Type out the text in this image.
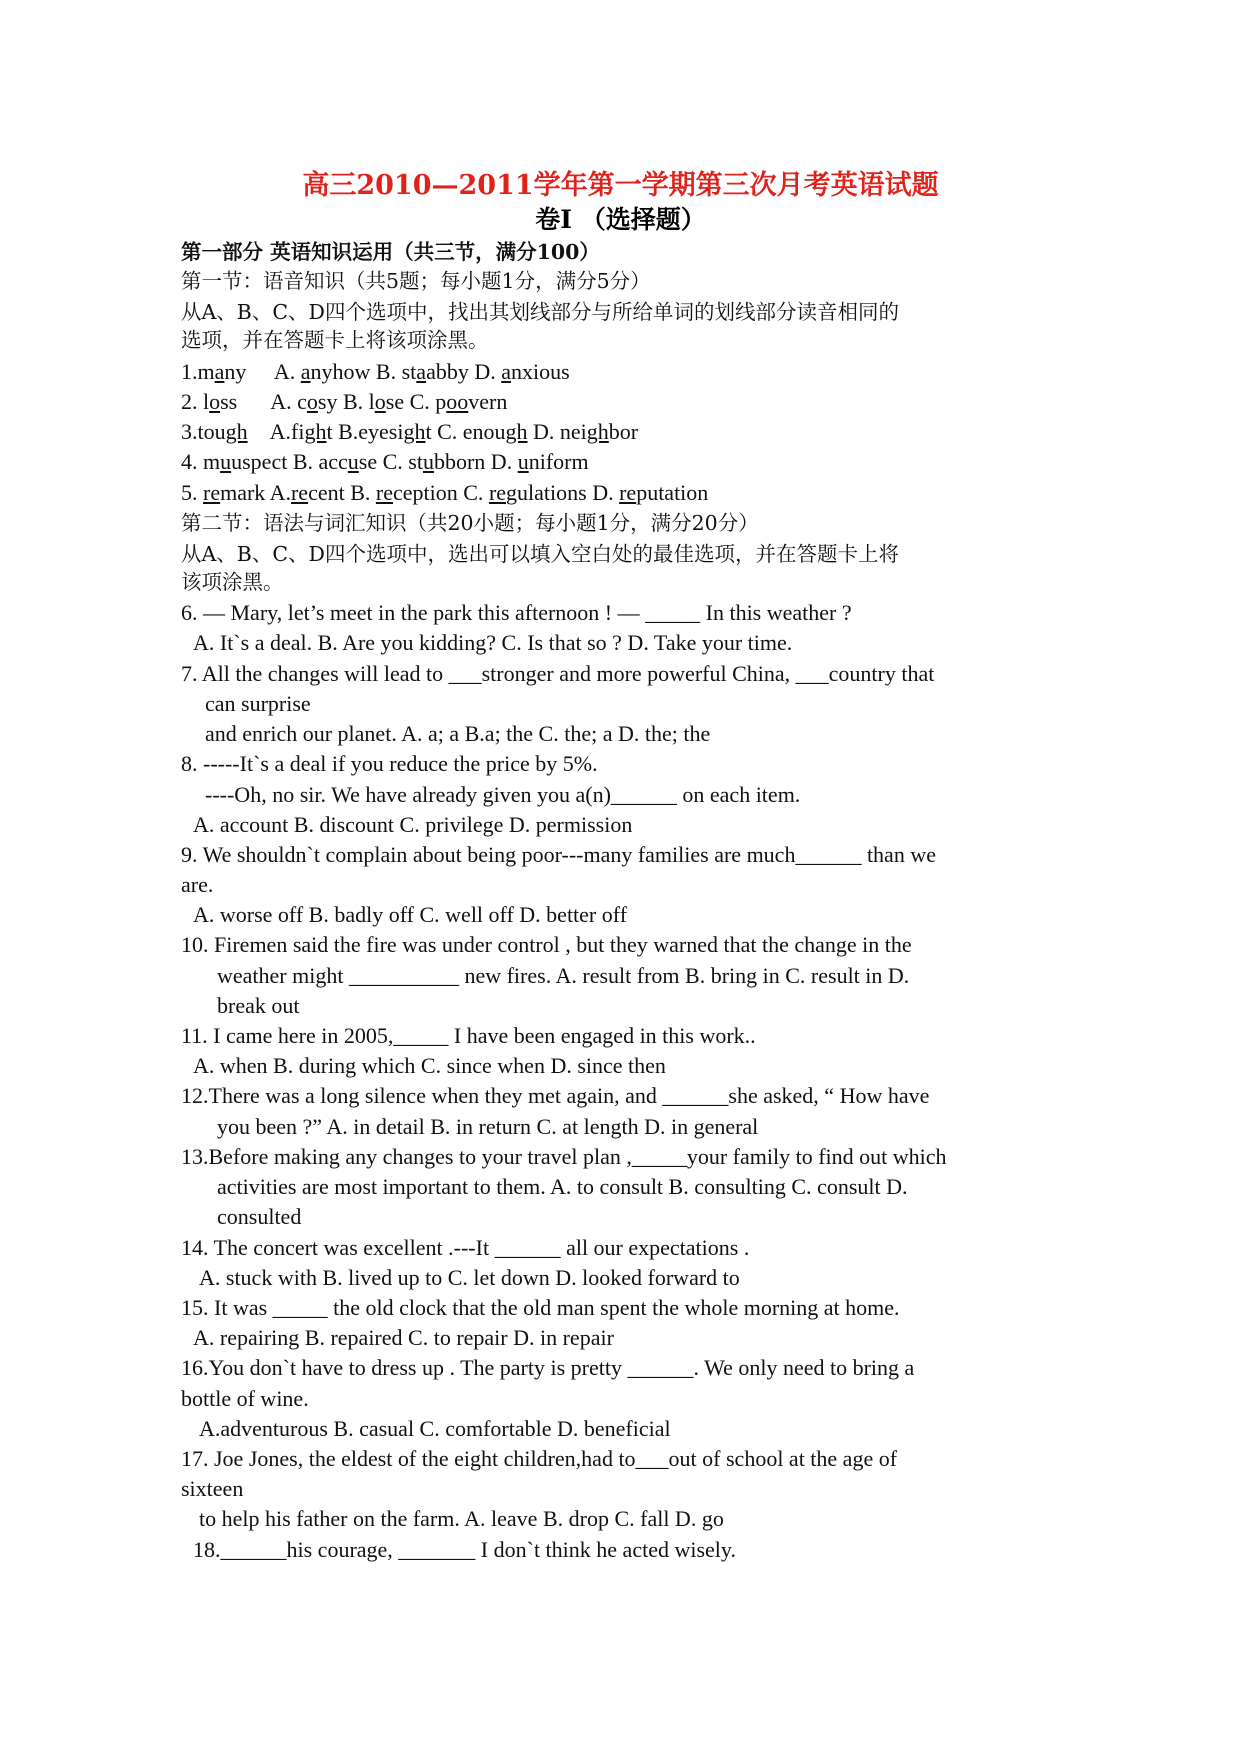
高三2010—2011学年第一学期第三次月考英语试题
卷I （选择题）
第一部分 英语知识运用（共三节，满分100）
第一节：语音知识（共5题；每小题1分，满分5分）
从A、B、C、D四个选项中，找出其划线部分与所给单词的划线部分读音相同的
选项，并在答题卡上将该项涂黑。
1.many A. anyhow B. staabby D. anxious
2. loss A. cosy B. lose C. poovern
3.tough A.fight B.eyesight C. enough D. neighbor
4. muuspect B. accuse C. stubborn D. uniform
5. remark A.recent B. reception C. regulations D. reputation
第二节：语法与词汇知识（共20小题；每小题1分，满分20分）
从A、B、C、D四个选项中，选出可以填入空白处的最佳选项，并在答题卡上将
该项涂黑。
6. — Mary, let’s meet in the park this afternoon ! — _____ In this weather ?
A. It`s a deal. B. Are you kidding? C. Is that so ? D. Take your time.
7. All the changes will lead to ___stronger and more powerful China, ___country that
can surprise
and enrich our planet. A. a; a B.a; the C. the; a D. the; the
8. -----It`s a deal if you reduce the price by 5%.
----Oh, no sir. We have already given you a(n)______ on each item.
A. account B. discount C. privilege D. permission
9. We shouldn`t complain about being poor---many families are much______ than we
are.
A. worse off B. badly off C. well off D. better off
10. Firemen said the fire was under control , but they warned that the change in the
weather might __________ new fires. A. result from B. bring in C. result in D.
break out
11. I came here in 2005,_____ I have been engaged in this work..
A. when B. during which C. since when D. since then
12.There was a long silence when they met again, and ______she asked, “ How have
you been ?” A. in detail B. in return C. at length D. in general
13.Before making any changes to your travel plan ,_____your family to find out which
activities are most important to them. A. to consult B. consulting C. consult D.
consulted
14. The concert was excellent .---It ______ all our expectations .
A. stuck with B. lived up to C. let down D. looked forward to
15. It was _____ the old clock that the old man spent the whole morning at home.
A. repairing B. repaired C. to repair D. in repair
16.You don`t have to dress up . The party is pretty ______. We only need to bring a
bottle of wine.
A.adventurous B. casual C. comfortable D. beneficial
17. Joe Jones, the eldest of the eight children,had to___out of school at the age of
sixteen
to help his father on the farm. A. leave B. drop C. fall D. go
18.______his courage, _______ I don`t think he acted wisely.
